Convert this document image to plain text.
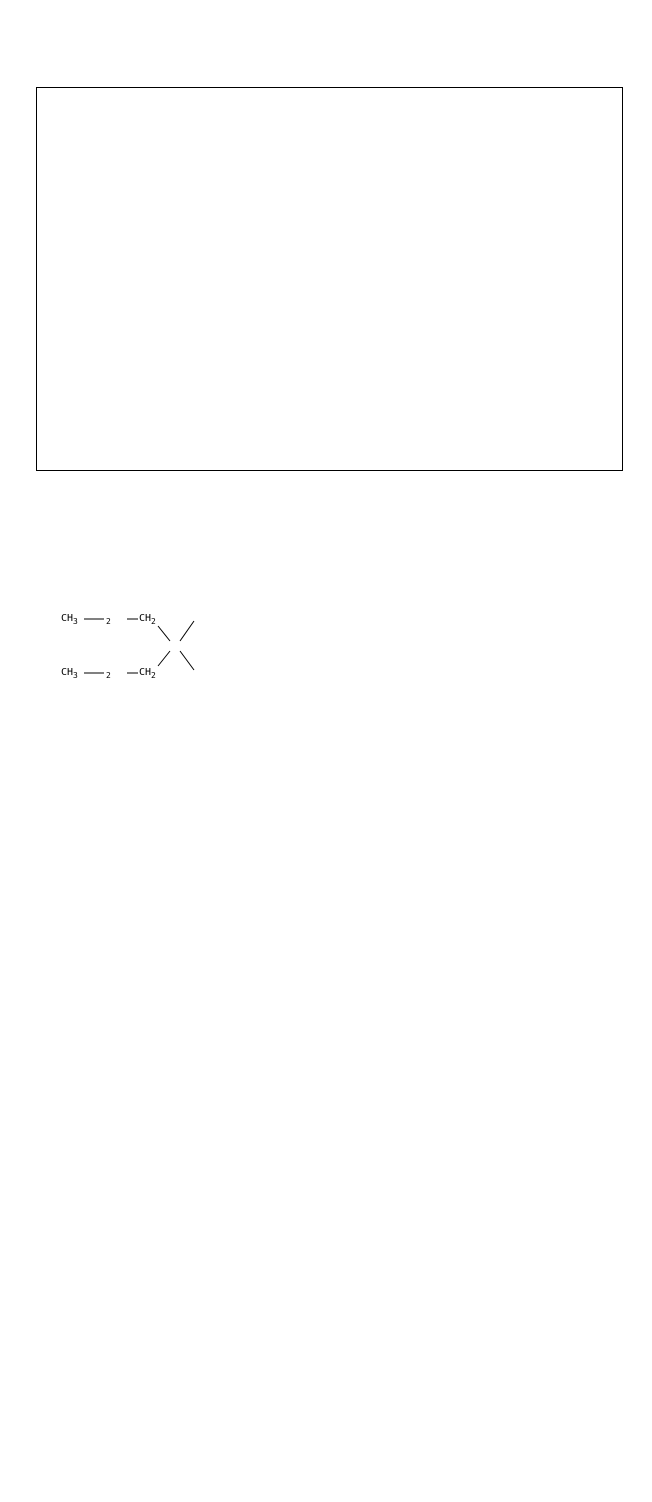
$CH_3$	$_2$	$CH_2$
$CH_3$	$_2$	$CH_2$
